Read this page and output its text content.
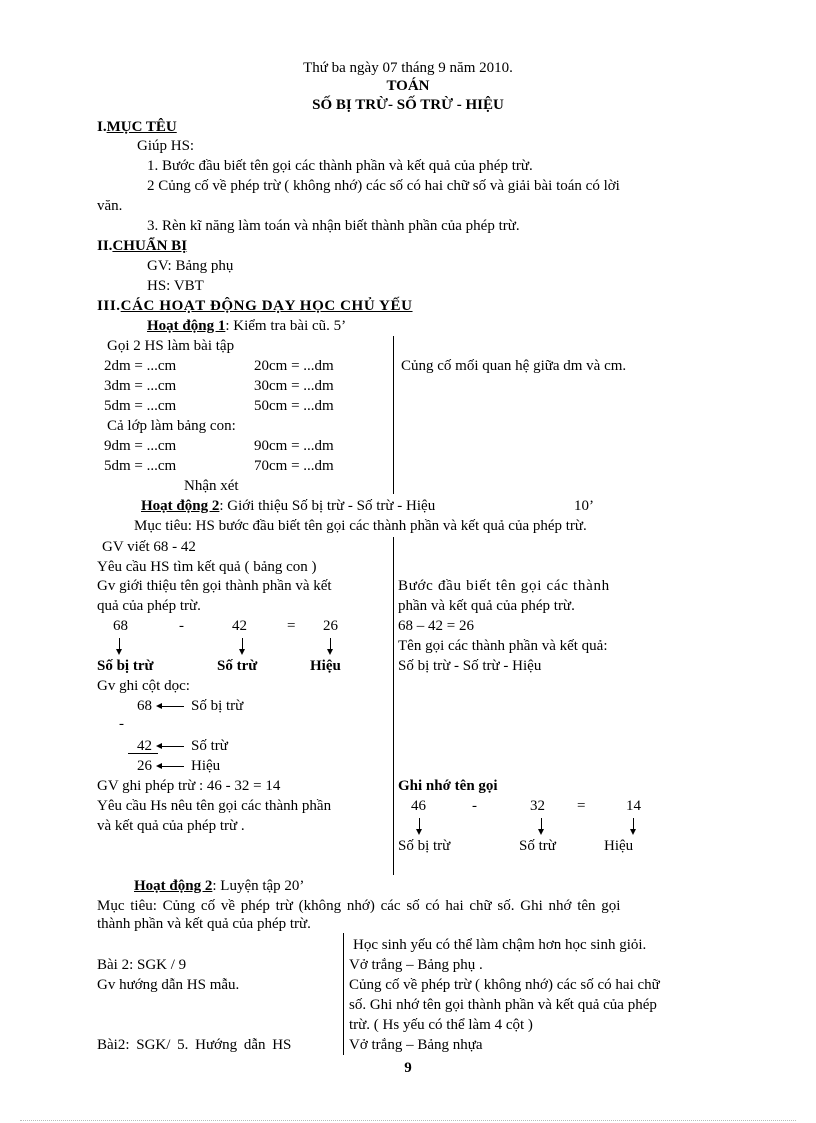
Thứ ba ngày 07 tháng 9 năm 2010.
TOÁN
SỐ BỊ TRỪ- SỐ TRỪ - HIỆU
I.MỤC TÊU
Giúp HS:
1. Bước đầu biết tên gọi các thành phần và kết quả của phép trừ.
2 Củng cố về phép trừ ( không nhớ) các số có hai chữ số và giải bài toán có lời
văn.
3. Rèn kĩ năng làm toán và nhận biết thành phần của phép trừ.
II.CHUẨN BỊ
GV: Bảng phụ
HS: VBT
III.CÁC HOẠT ĐỘNG DẠY HỌC CHỦ YẾU
Hoạt động 1: Kiểm tra bài cũ. 5’
Gọi 2 HS làm bài tập
2dm = ...cm	20cm = ...dm
3dm = ...cm	30cm = ...dm
5dm = ...cm	50cm = ...dm
Cả lớp làm bảng con:
9dm = ...cm	90cm = ...dm
5dm = ...cm	70cm = ...dm
Nhận xét
Củng cố mối quan hệ giữa dm và cm.
Hoạt động 2: Giới thiệu Số bị trừ - Số trừ - Hiệu	10’
Mục tiêu: HS bước đầu biết tên gọi các thành phần và kết quả của phép trừ.
GV viết 68 - 42
Yêu cầu HS tìm kết quả ( bảng con )
Gv giới thiệu tên gọi thành phần và kết
quả của phép trừ.
68	-	42	= 26
Số bị trừ	Số trừ	Hiệu
Gv ghi cột dọc:
68	Số bị trừ
-
42	Số trừ
26	Hiệu
GV ghi phép trừ : 46 - 32 = 14
Yêu cầu Hs nêu tên gọi các thành phần
và kết quả của phép trừ .
Bước đầu biết tên gọi các thành
phần và kết quả của phép trừ.
68 – 42 = 26
Tên gọi các thành phần và kết quả:
Số bị trừ - Số trừ - Hiệu
Ghi nhớ tên gọi
46	-	32 =	14
Số bị trừ	Số trừ	Hiệu
Hoạt động 2: Luyện tập 20’
Mục tiêu: Củng cố về phép trừ (không nhớ) các số có hai chữ số. Ghi nhớ tên gọi
thành phần và kết quả của phép trừ.
Học sinh yếu có thể làm chậm hơn học sinh giỏi.
Bài 2: SGK / 9	Vở trắng – Bảng phụ .
Gv hướng dẫn HS mẫu.	Củng cố về phép trừ ( không nhớ) các số có hai chữ
số. Ghi nhớ tên gọi thành phần và kết quả của phép
trừ. ( Hs yếu có thể làm 4 cột )
Bài2: SGK/ 5. Hướng dẫn HS	Vở trắng – Bảng nhựa
9
